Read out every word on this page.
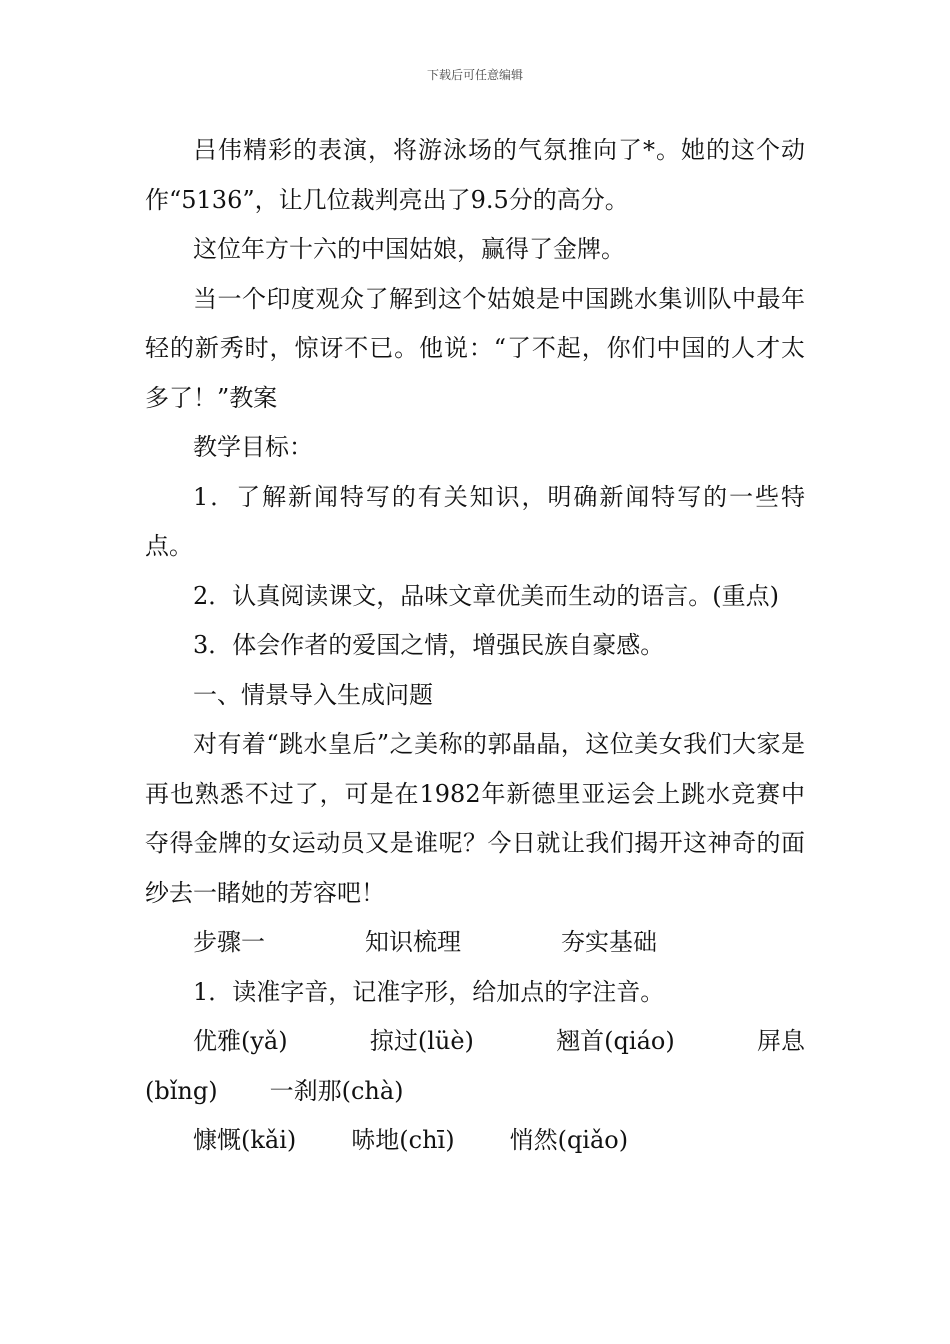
下载后可任意编辑

吕伟精彩的表演，将游泳场的气氛推向了*。她的这个动作“5136”，让几位裁判亮出了9.5分的高分。

这位年方十六的中国姑娘，赢得了金牌。

当一个印度观众了解到这个姑娘是中国跳水集训队中最年轻的新秀时，惊讶不已。他说：“了不起，你们中国的人才太多了！”教案

教学目标：

1．了解新闻特写的有关知识，明确新闻特写的一些特点。

2．认真阅读课文，品味文章优美而生动的语言。(重点)

3．体会作者的爱国之情，增强民族自豪感。

一、情景导入生成问题

对有着“跳水皇后”之美称的郭晶晶，这位美女我们大家是再也熟悉不过了，可是在1982年新德里亚运会上跳水竞赛中夺得金牌的女运动员又是谁呢？今日就让我们揭开这神奇的面纱去一睹她的芳容吧！

步骤一	知识梳理	夯实基础

1．读准字音，记准字形，给加点的字注音。

优雅(yǎ)	掠过(lüè)	翘首(qiáo)	屏息
(bǐng) 一刹那(chà)
慷慨(kǎi) 哧地(chī) 悄然(qiǎo)
